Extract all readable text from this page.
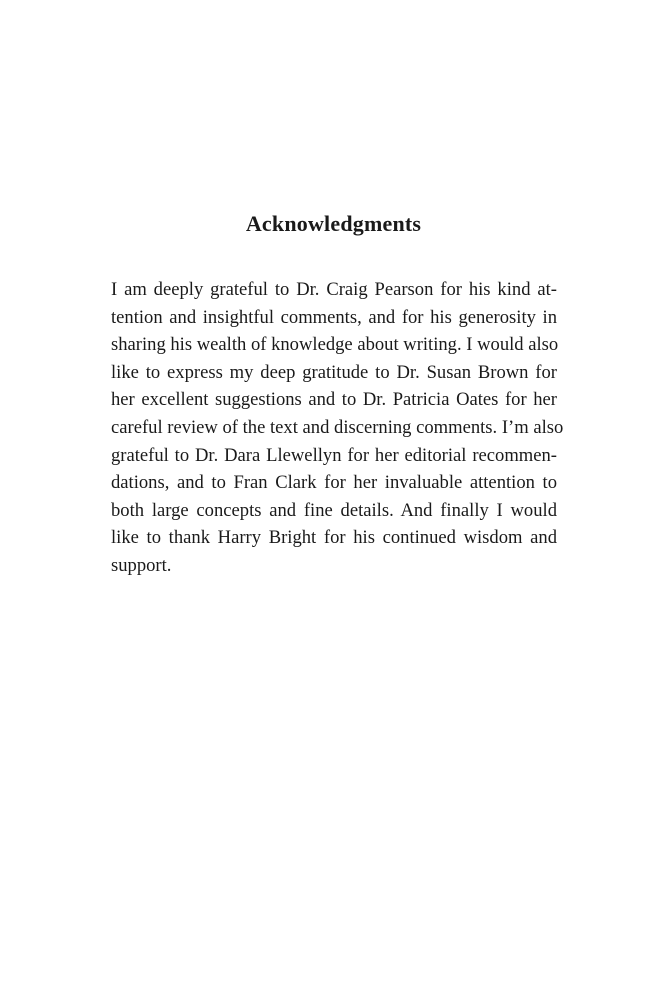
Acknowledgments
I am deeply grateful to Dr. Craig Pearson for his kind at-
tention and insightful comments, and for his generosity in
sharing his wealth of knowledge about writing. I would also
like to express my deep gratitude to Dr. Susan Brown for
her excellent suggestions and to Dr. Patricia Oates for her
careful review of the text and discerning comments. I’m also
grateful to Dr. Dara Llewellyn for her editorial recommen-
dations, and to Fran Clark for her invaluable attention to
both large concepts and fine details. And finally I would
like to thank Harry Bright for his continued wisdom and
support.
